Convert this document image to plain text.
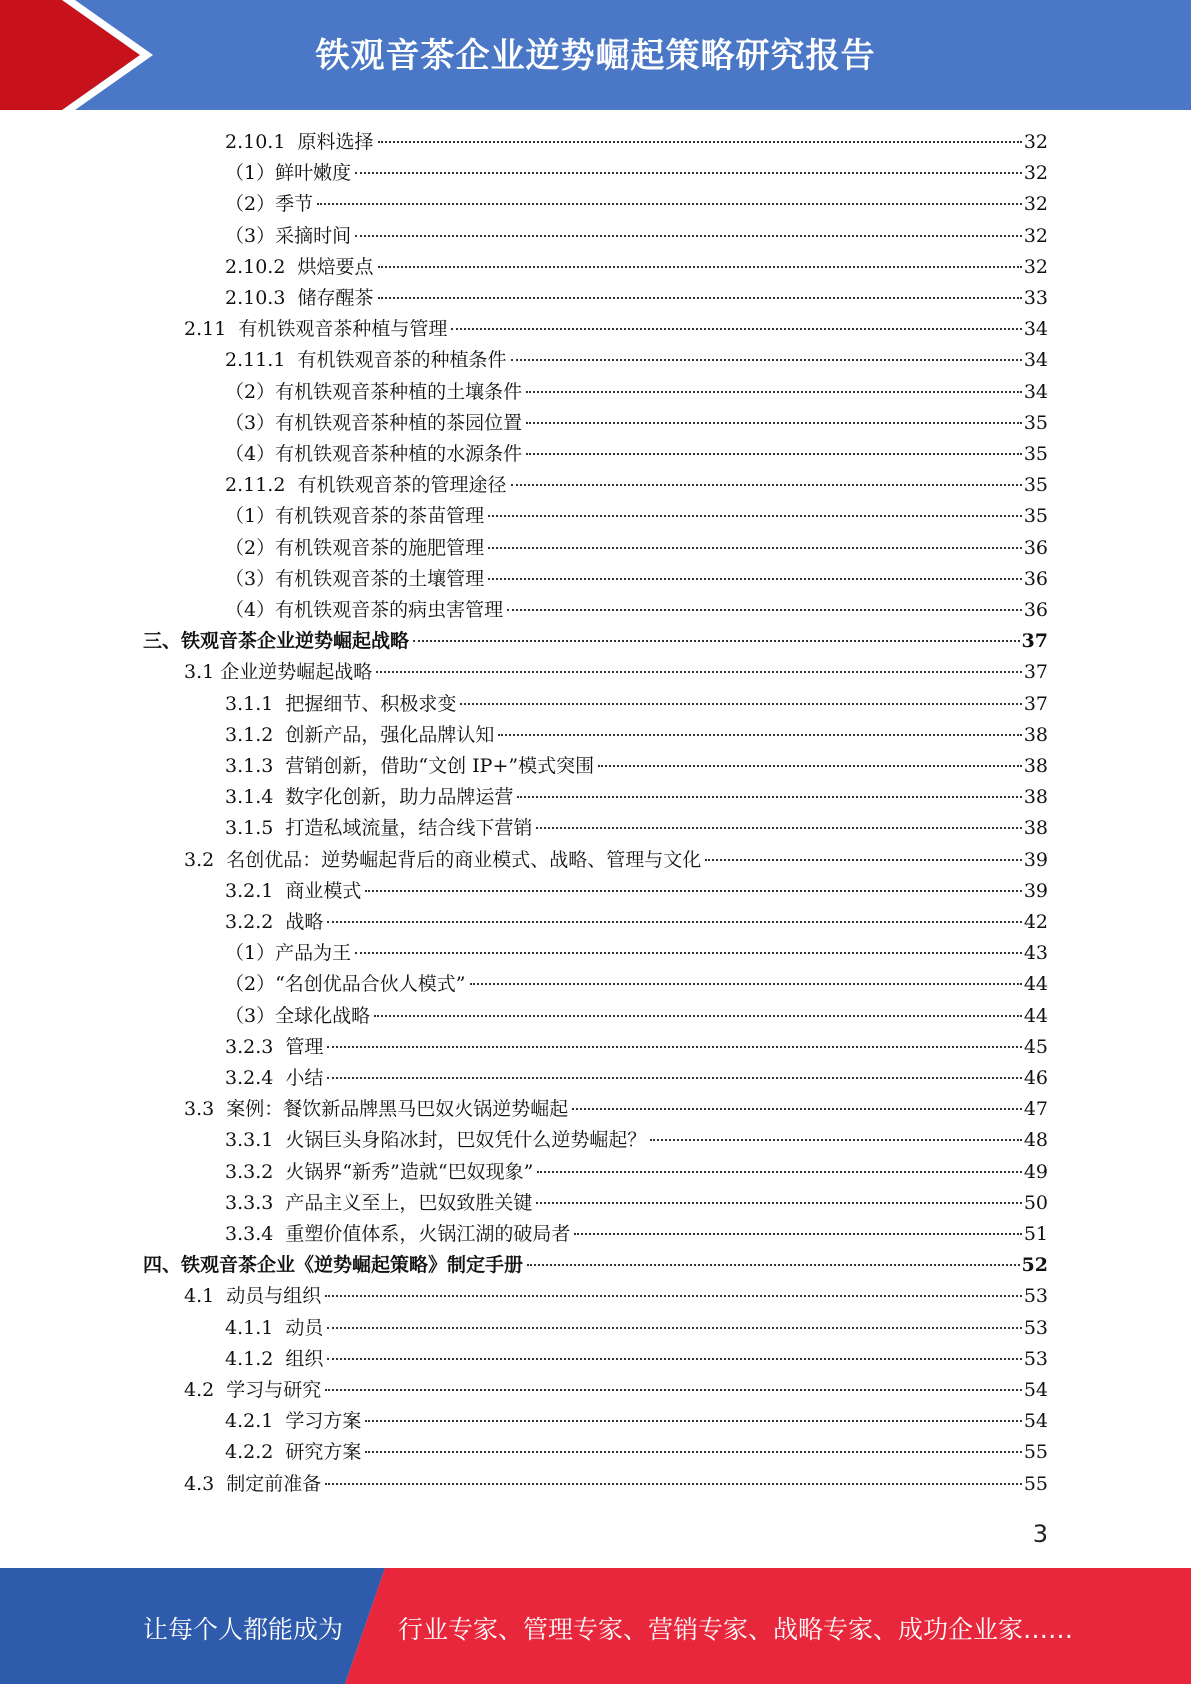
铁观音茶企业逆势崛起策略研究报告
2.10.1  原料选择	32
（1）鲜叶嫩度	32
（2）季节	32
（3）采摘时间	32
2.10.2  烘焙要点	32
2.10.3  储存醒茶	33
2.11  有机铁观音茶种植与管理	34
2.11.1  有机铁观音茶的种植条件	34
（2）有机铁观音茶种植的土壤条件	34
（3）有机铁观音茶种植的茶园位置	35
（4）有机铁观音茶种植的水源条件	35
2.11.2  有机铁观音茶的管理途径	35
（1）有机铁观音茶的茶苗管理	35
（2）有机铁观音茶的施肥管理	36
（3）有机铁观音茶的土壤管理	36
（4）有机铁观音茶的病虫害管理	36
三、铁观音茶企业逆势崛起战略	37
3.1 企业逆势崛起战略	37
3.1.1  把握细节、积极求变	37
3.1.2  创新产品，强化品牌认知	38
3.1.3  营销创新，借助“文创 IP+”模式突围	38
3.1.4  数字化创新，助力品牌运营	38
3.1.5  打造私域流量，结合线下营销	38
3.2  名创优品：逆势崛起背后的商业模式、战略、管理与文化	39
3.2.1  商业模式	39
3.2.2  战略	42
（1）产品为王	43
（2）“名创优品合伙人模式”	44
（3）全球化战略	44
3.2.3  管理	45
3.2.4  小结	46
3.3  案例：餐饮新品牌黑马巴奴火锅逆势崛起	47
3.3.1  火锅巨头身陷冰封，巴奴凭什么逆势崛起？	48
3.3.2  火锅界“新秀”造就“巴奴现象”	49
3.3.3  产品主义至上，巴奴致胜关键	50
3.3.4  重塑价值体系，火锅江湖的破局者	51
四、铁观音茶企业《逆势崛起策略》制定手册	52
4.1  动员与组织	53
4.1.1  动员	53
4.1.2  组织	53
4.2  学习与研究	54
4.2.1  学习方案	54
4.2.2  研究方案	55
4.3  制定前准备	55
3
让每个人都能成为 行业专家、管理专家、营销专家、战略专家、成功企业家……
